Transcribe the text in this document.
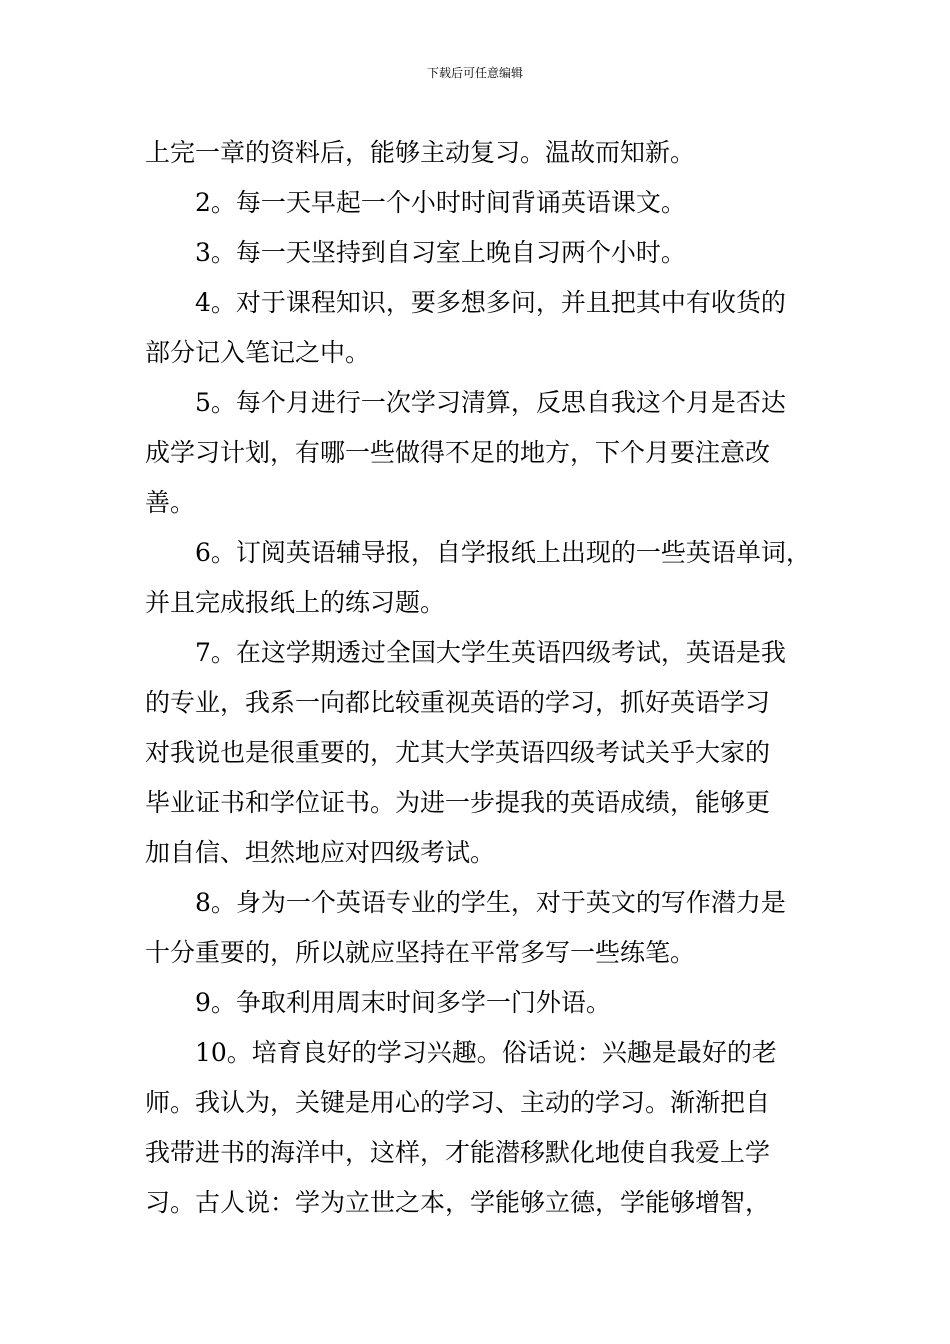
下载后可任意编辑
上完一章的资料后，能够主动复习。温故而知新。
2。每一天早起一个小时时间背诵英语课文。
3。每一天坚持到自习室上晚自习两个小时。
4。对于课程知识，要多想多问，并且把其中有收货的
部分记入笔记之中。
5。每个月进行一次学习清算，反思自我这个月是否达
成学习计划，有哪一些做得不足的地方，下个月要注意改
善。
6。订阅英语辅导报，自学报纸上出现的一些英语单词，
并且完成报纸上的练习题。
7。在这学期透过全国大学生英语四级考试，英语是我
的专业，我系一向都比较重视英语的学习，抓好英语学习
对我说也是很重要的，尤其大学英语四级考试关乎大家的
毕业证书和学位证书。为进一步提我的英语成绩，能够更
加自信、坦然地应对四级考试。
8。身为一个英语专业的学生，对于英文的写作潜力是
十分重要的，所以就应坚持在平常多写一些练笔。
9。争取利用周末时间多学一门外语。
10。培育良好的学习兴趣。俗话说：兴趣是最好的老
师。我认为，关键是用心的学习、主动的学习。渐渐把自
我带进书的海洋中，这样，才能潜移默化地使自我爱上学
习。古人说：学为立世之本，学能够立德，学能够增智，
